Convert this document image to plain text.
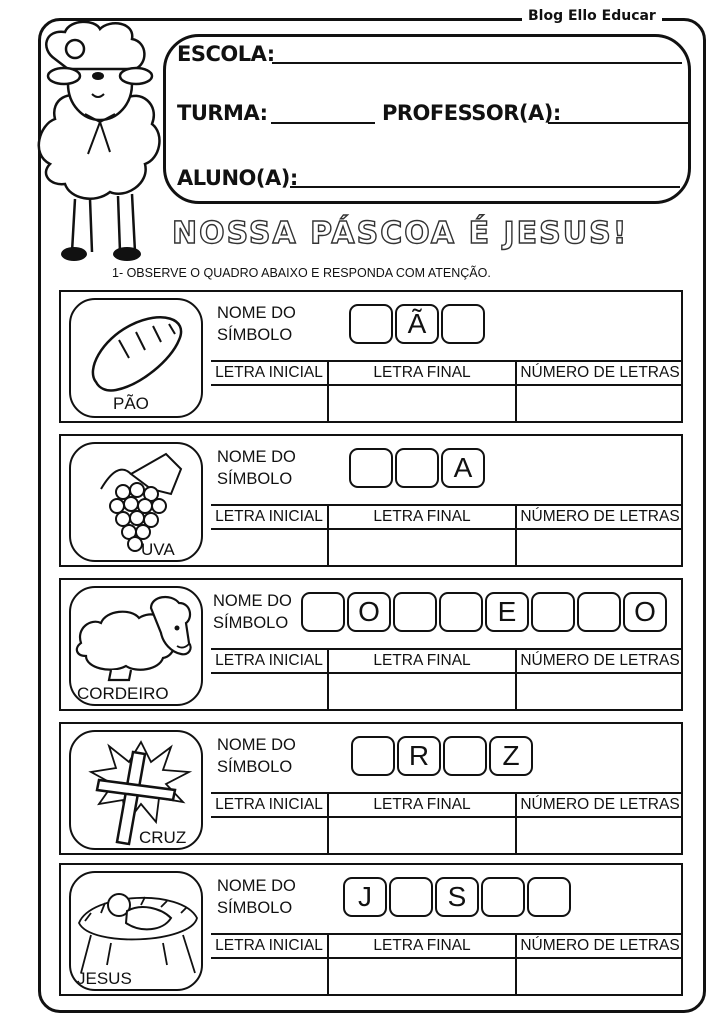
Blog Ello Educar
ESCOLA:
TURMA:	PROFESSOR(A):
ALUNO(A):
NOSSA PÁSCOA É JESUS!
1- OBSERVE O QUADRO ABAIXO E RESPONDA COM ATENÇÃO.
PÃO
NOME DO
SÍMBOLO	Ã
LETRA INICIAL	LETRA FINAL	NÚMERO DE LETRAS
UVA
NOME DO
SÍMBOLO	A
LETRA INICIAL	LETRA FINAL	NÚMERO DE LETRAS
CORDEIRO
NOME DO
SÍMBOLO	O	E	O
LETRA INICIAL	LETRA FINAL	NÚMERO DE LETRAS
CRUZ
NOME DO
SÍMBOLO	R	Z
LETRA INICIAL	LETRA FINAL	NÚMERO DE LETRAS
JESUS
NOME DO
SÍMBOLO	J	S
LETRA INICIAL	LETRA FINAL	NÚMERO DE LETRAS
